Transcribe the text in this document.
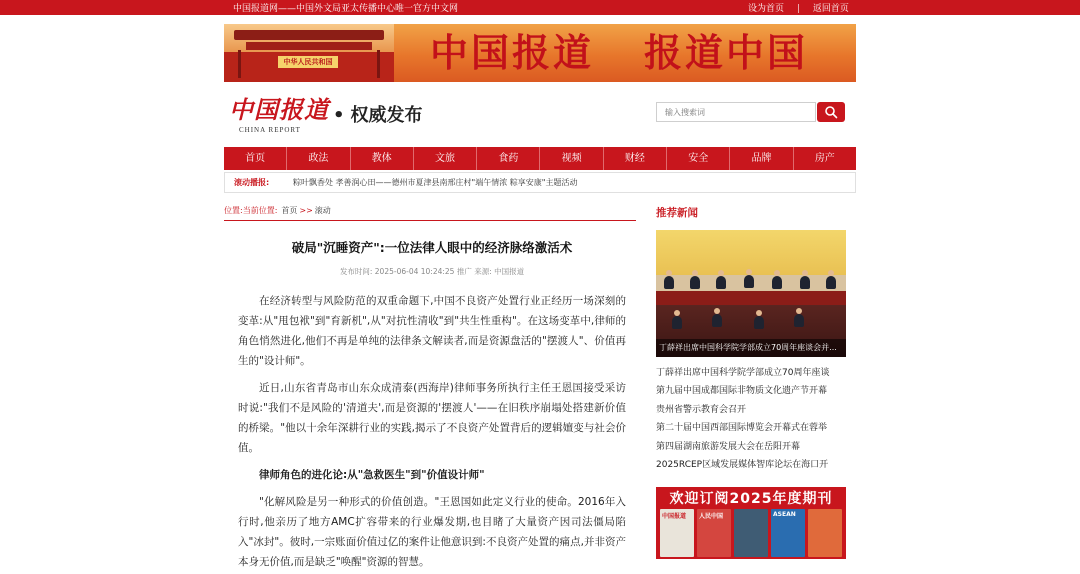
中国报道网——中国外文局亚太传播中心唯一官方中文网	设为首页 | 返回首页
中华人民共和国	中国报道 报道中国
中国报道
CHINA REPORT
• 权威发布
输入搜索词
首页	政法	教体	文旅	食药	视频	财经	安全	品牌	房产
滚动播报:	粽叶飘香处 孝善润心田——德州市夏津县南邢庄村"端午情浓 粽享安康"主题活动
位置:当前位置: 首页 >> 滚动
破局"沉睡资产":一位法律人眼中的经济脉络激活术
发布时间: 2025-06-04 10:24:25 推广 来源: 中国报道

在经济转型与风险防范的双重命题下,中国不良资产处置行业正经历一场深刻的变革:从"甩包袱"到"育新机",从"对抗性清收"到"共生性重构"。在这场变革中,律师的角色悄然进化,他们不再是单纯的法律条文解读者,而是资源盘活的"摆渡人"、价值再生的"设计师"。

近日,山东省青岛市山东众成清泰(西海岸)律师事务所执行主任王恩国接受采访时说:"我们不是风险的'清道夫',而是资源的'摆渡人'——在旧秩序崩塌处搭建新价值的桥梁。"他以十余年深耕行业的实践,揭示了不良资产处置背后的逻辑嬗变与社会价值。

律师角色的进化论:从"急救医生"到"价值设计师"

"化解风险是另一种形式的价值创造。"王恩国如此定义行业的使命。2016年入行时,他亲历了地方AMC扩容带来的行业爆发期,也目睹了大量资产因司法僵局陷入"冰封"。彼时,一宗账面价值过亿的案件让他意识到:不良资产处置的痛点,并非资产本身无价值,而是缺乏"唤醒"资源的智慧。

推荐新闻
丁薛祥出席中国科学院学部成立70周年座谈会并...
丁薛祥出席中国科学院学部成立70周年座谈
第九届中国成都国际非物质文化遗产节开幕
贵州省警示教育会召开
第二十届中国西部国际博览会开幕式在蓉举
第四届湖南旅游发展大会在岳阳开幕
2025RCEP区域发展媒体智库论坛在海口开
欢迎订阅2025年度期刊
中国报道 人民中国	ASEAN
